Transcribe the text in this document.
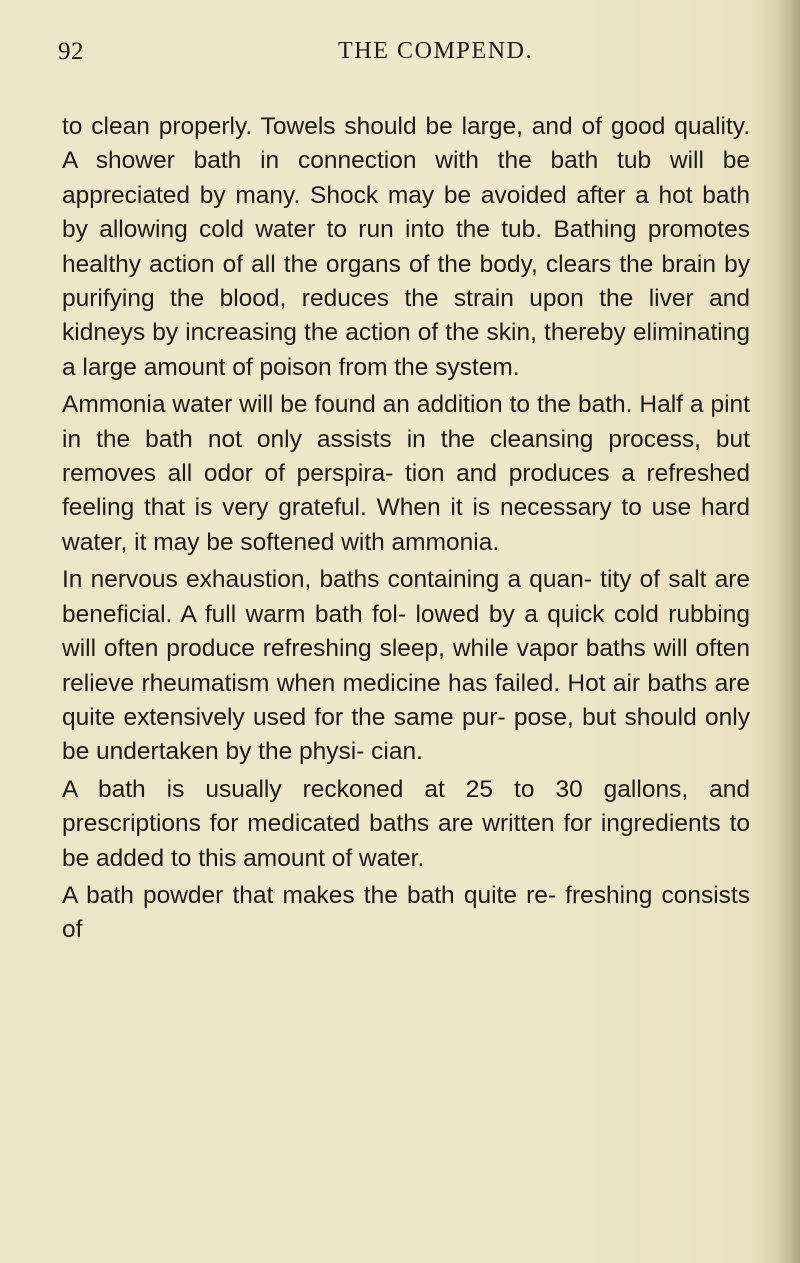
92	THE COMPEND.

to clean properly. Towels should be large, and of good quality. A shower bath in connection with the bath tub will be appreciated by many. Shock may be avoided after a hot bath by allowing cold water to run into the tub. Bathing promotes healthy action of all the organs of the body, clears the brain by purifying the blood, reduces the strain upon the liver and kidneys by increasing the action of the skin, thereby eliminating a large amount of poison from the system.

Ammonia water will be found an addition to the bath. Half a pint in the bath not only assists in the cleansing process, but removes all odor of perspira- tion and produces a refreshed feeling that is very grateful. When it is necessary to use hard water, it may be softened with ammonia.

In nervous exhaustion, baths containing a quan- tity of salt are beneficial. A full warm bath fol- lowed by a quick cold rubbing will often produce refreshing sleep, while vapor baths will often relieve rheumatism when medicine has failed. Hot air baths are quite extensively used for the same pur- pose, but should only be undertaken by the physi- cian.

A bath is usually reckoned at 25 to 30 gallons, and prescriptions for medicated baths are written for ingredients to be added to this amount of water.

A bath powder that makes the bath quite re- freshing consists of
